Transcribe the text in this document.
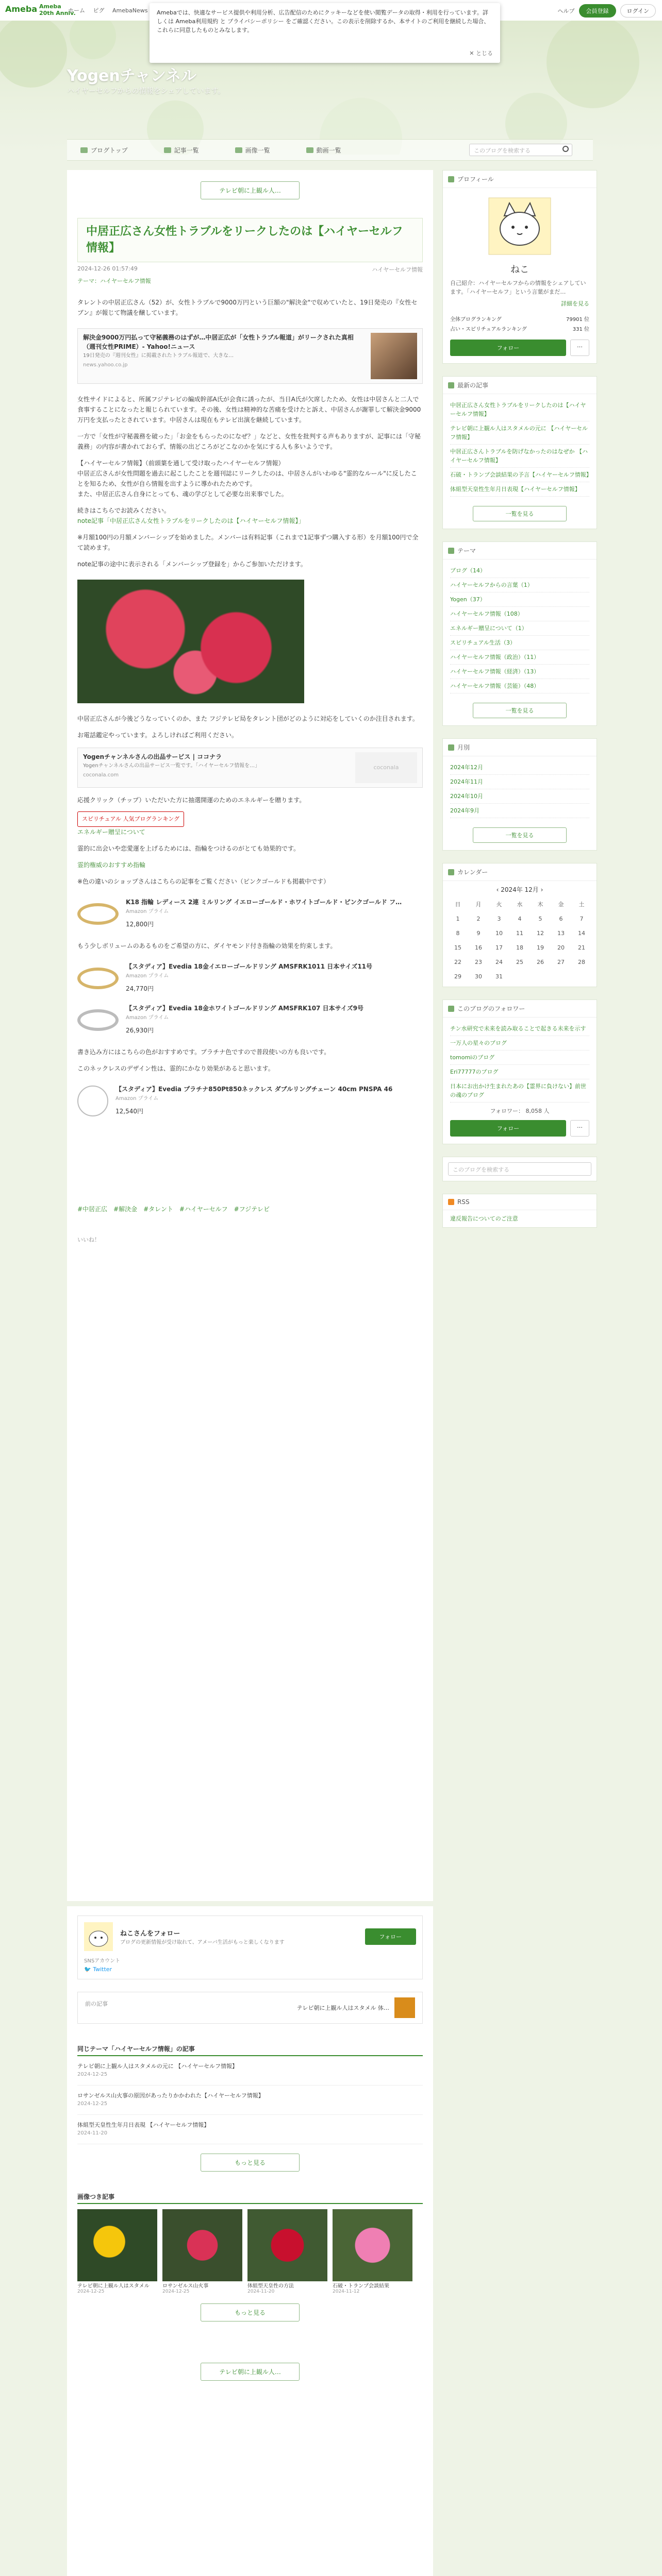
Ameba Ameba
20th Anniv.
ホーム ピグ AmebaNews	ヘルプ	会員登録	ログイン
Yogenチャンネル
ハイヤーセルフからの情報をシェアしています。
Amebaでは、快適なサービス提供や利用分析、広告配信のためにクッキーなどを使い閲覧データの取得・利用を行っています。詳しくは Ameba利用規約 と プライバシーポリシー をご確認ください。この表示を削除するか、本サイトのご利用を継続した場合、これらに同意したものとみなします。
✕ とじる
ブログトップ	記事一覧	画像一覧	動画一覧	このブログを検索する
テレビ朝に上観ル人…
中居正広さん女性トラブルをリークしたのは【ハイヤーセルフ情報】
2024-12-26 01:57:49	ハイヤーセルフ情報
テーマ：ハイヤーセルフ情報

タレントの中居正広さん（52）が、女性トラブルで9000万円という巨額の"解決金"で収めていたと、19日発売の『女性セブン』が報じて物議を醸しています。

解決金9000万円払って守秘義務のはずが…中居正広が「女性トラブル報道」がリークされた真相（週刊女性PRIME）- Yahoo!ニュース
19日発売の『週刊女性』に掲載されたトラブル報道で、大きな…
news.yahoo.co.jp

女性サイドによると、所属フジテレビの編成幹部A氏が会食に誘ったが、当日A氏が欠席したため、女性は中居さんと二人で食事することになったと報じられています。その後、女性は精神的な苦痛を受けたと訴え、中居さんが謝罪して解決金9000万円を支払ったとされています。中居さんは現在もテレビ出演を継続しています。

一方で「女性が守秘義務を破った」「お金をもらったのになぜ？」などと、女性を批判する声もありますが、記事には「守秘義務」の内容が書かれておらず、情報の出どころがどこなのかを気にする人も多いようです。

【ハイヤーセルフ情報】（前頭葉を通して受け取ったハイヤーセルフ情報）
中居正広さんが女性問題を過去に起こしたことを週刊誌にリークしたのは、中居さんがいわゆる"霊的なルール"に反したことを知るため、女性が自ら情報を出すように導かれたためです。
また、中居正広さん自身にとっても、魂の学びとして必要な出来事でした。

続きはこちらでお読みください。
note記事「中居正広さん女性トラブルをリークしたのは【ハイヤーセルフ情報】」

※月額100円の月額メンバーシップを始めました。メンバーは有料記事（これまで1記事ずつ購入する形）を月額100円で全て読めます。

note記事の途中に表示される「メンバーシップ登録を」からご参加いただけます。

中居正広さんが今後どうなっていくのか、また フジテレビ局をタレント団がどのように対応をしていくのか注目されます。

お電話鑑定やっています。よろしければご利用ください。

Yogenチャンネルさんの出品サービス | ココナラ
Yogenチャンネルさんの出品サービス一覧です。「ハイヤーセルフ情報を…」
coconala.com
coconala

応援クリック（チップ）いただいた方に抽選開運のためのエネルギーを贈ります。

スピリチュアル 人気ブログランキング
エネルギー贈呈について

霊的に出会いや恋愛運を上げるためには、指輪をつけるのがとても効果的です。

霊的権威のおすすめ指輪

※色の違いのショップさんはこちらの記事をご覧ください（ピンクゴールドも掲載中です）

K18 指輪 レディース 2連 ミルリング イエローゴールド・ホワイトゴールド・ピンクゴールド フ…
Amazon プライム
12,800円

もう少しボリュームのあるものをご希望の方に、ダイヤモンド付き指輪の効果を約束します。

【スタディア】Evedia 18金イエローゴールドリング AMSFRK1011 日本サイズ11号
Amazon プライム
24,770円
【スタディア】Evedia 18金ホワイトゴールドリング AMSFRK107 日本サイズ9号
Amazon プライム
26,930円

書き込み方にはこちらの色がおすすめです。プラチナ色ですので普段使いの方も良いです。

このネックレスのデザイン性は、霊的にかなり効果があると思います。

【スタディア】Evedia プラチナ850Pt850ネックレス ダブルリングチェーン 40cm PNSPA 46
Amazon プライム
12,540円
#中居正広　#解決金　#タレント　#ハイヤーセルフ　#フジテレビ
いいね！
プロフィール
ねこ
自己紹介：ハイヤーセルフからの情報をシェアしています。「ハイヤーセルフ」という言葉がまだ…
詳細を見る
全体ブログランキング	79901 位
占い・スピリチュアルランキング	331 位
フォロー	…
最新の記事
中居正広さん女性トラブルをリークしたのは【ハイヤーセルフ情報】
テレビ朝に上観ル人はスタメルの元に 【ハイヤーセルフ情報】
中居正広さんトラブルを防げなかったのはなぜか 【ハイヤーセルフ情報】
石破・トランプ会談結果の予言【ハイヤーセルフ情報】
体組型天皇性生年月日表現【ハイヤーセルフ情報】
一覧を見る
テーマ
ブログ（14）
ハイヤーセルフからの言葉（1）
Yogen（37）
ハイヤーセルフ情報（108）
エネルギー贈呈について（1）
スピリチュアル生活（3）
ハイヤーセルフ情報（政治）（11）
ハイヤーセルフ情報（経済）（13）
ハイヤーセルフ情報（芸能）（48）
一覧を見る
月別
2024年12月
2024年11月
2024年10月
2024年9月
一覧を見る
カレンダー
‹ 2024年 12月 ›
日	月	火	水	木	金	土
1	2	3	4	5	6	7
8	9	10	11	12	13	14
15	16	17	18	19	20	21
22	23	24	25	26	27	28
29	30	31				
このブログのフォロワー
チン水研究で未来を読み取ることで起きる未来を示す
一万人の星々のブログ
tomomiのブログ
Eri77777のブログ
日本にお出かけ生まれたあの【霊界に負けない】前世の魂のブログ
フォロワー： 8,058 人
フォロー	…
このブログを検索する
RSS
違反報告についてのご注意
ねこさんをフォロー
ブログの更新情報が受け取れて、アメーバ生活がもっと楽しくなります
フォロー
SNSアカウント
🐦 Twitter
前の記事
テレビ朝に上観ル人はスタメル 体…
同じテーマ「ハイヤーセルフ情報」の記事
テレビ朝に上観ル人はスタメルの元に 【ハイヤーセルフ情報】
2024-12-25
ロサンゼルス山火事の原因があったりかかわれた【ハイヤーセルフ情報】
2024-12-25
体組型天皇性生年月日表現 【ハイヤーセルフ情報】
2024-11-20
もっと見る
画像つき記事
テレビ朝に上観ル人はスタメル
2024-12-25
ロサンゼルス山火事
2024-12-25
体組型天皇性の方法
2024-11-20
石破・トランプ会談結果
2024-11-12
もっと見る
テレビ朝に上観ル人…
